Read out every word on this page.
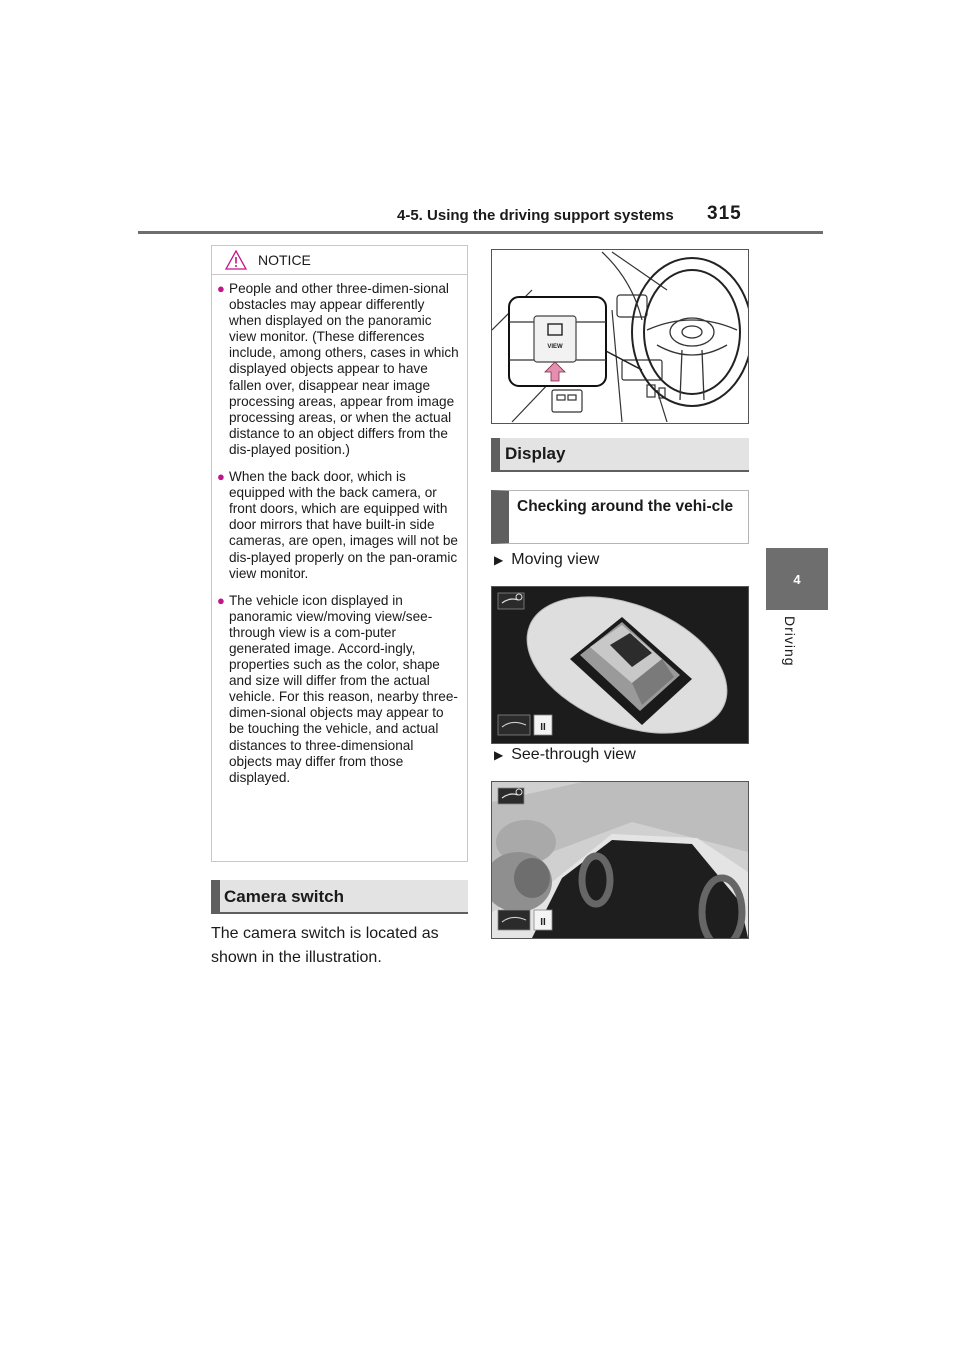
4-5. Using the driving support systems 315
4
Driving
NOTICE
● People and other three-dimen-sional obstacles may appear differently when displayed on the panoramic view monitor. (These differences include, among others, cases in which displayed objects appear to have fallen over, disappear near image processing areas, appear from image processing areas, or when the actual distance to an object differs from the dis-played position.)
● When the back door, which is equipped with the back camera, or front doors, which are equipped with door mirrors that have built-in side cameras, are open, images will not be dis-played properly on the pan-oramic view monitor.
● The vehicle icon displayed in panoramic view/moving view/see-through view is a com-puter generated image. Accord-ingly, properties such as the color, shape and size will differ from the actual vehicle. For this reason, nearby three-dimen-sional objects may appear to be touching the vehicle, and actual distances to three-dimensional objects may differ from those displayed.
Camera switch
The camera switch is located as shown in the illustration.
VIEW
Display
Checking around the vehi-cle
▶ Moving view
II
▶ See-through view
II
